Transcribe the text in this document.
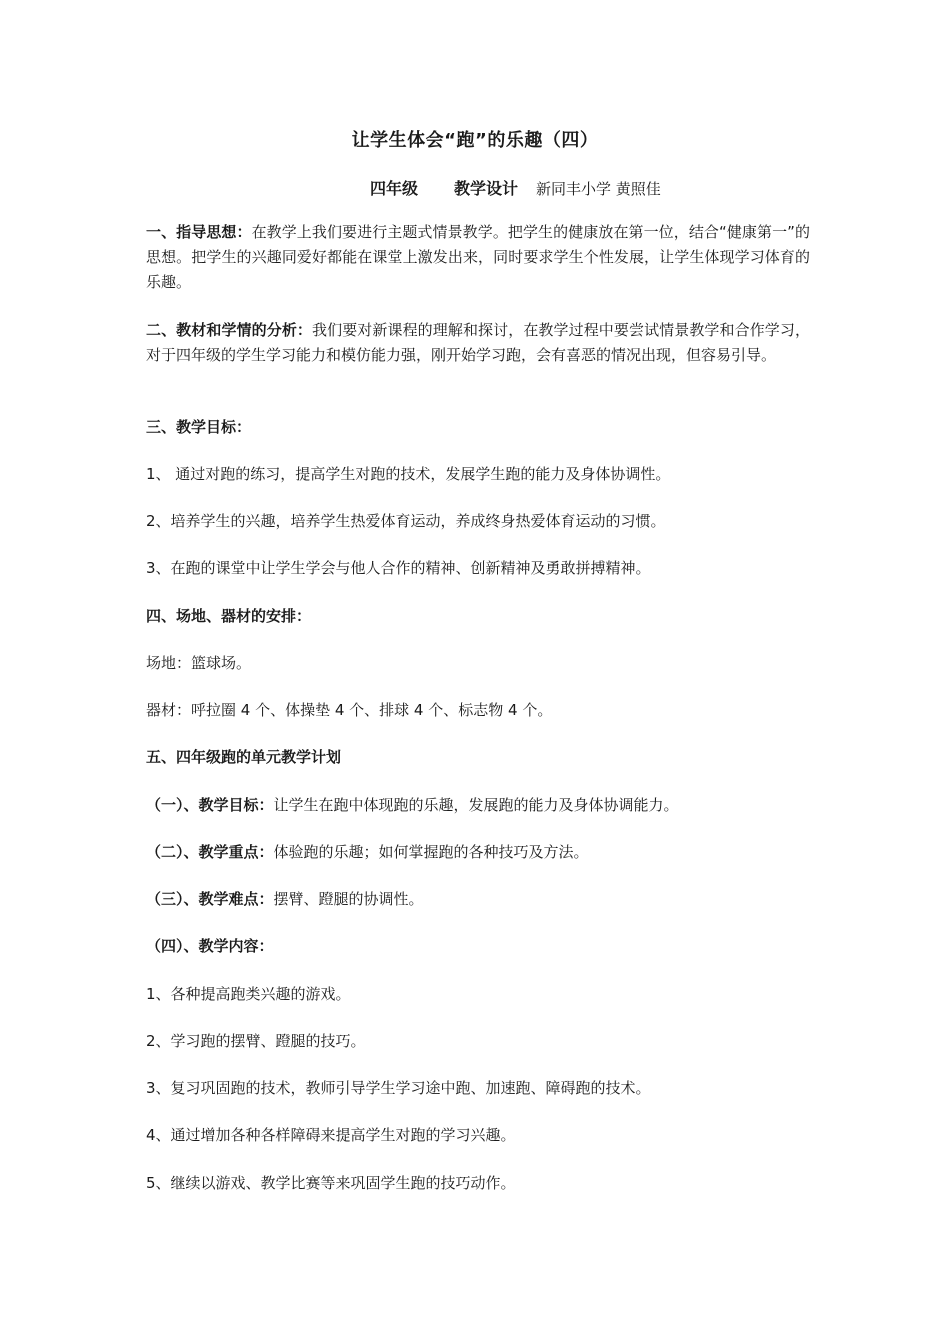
让学生体会“跑”的乐趣（四）
四年级 教学设计 新同丰小学 黄照佳

一、指导思想：在教学上我们要进行主题式情景教学。把学生的健康放在第一位，结合“健康第一”的思想。把学生的兴趣同爱好都能在课堂上激发出来，同时要求学生个性发展，让学生体现学习体育的乐趣。

二、教材和学情的分析：我们要对新课程的理解和探讨，在教学过程中要尝试情景教学和合作学习，对于四年级的学生学习能力和模仿能力强，刚开始学习跑，会有喜恶的情况出现，但容易引导。

三、教学目标：

1、 通过对跑的练习，提高学生对跑的技术，发展学生跑的能力及身体协调性。

2、培养学生的兴趣，培养学生热爱体育运动，养成终身热爱体育运动的习惯。

3、在跑的课堂中让学生学会与他人合作的精神、创新精神及勇敢拼搏精神。

四、场地、器材的安排：

场地：篮球场。

器材：呼拉圈 4 个、体操垫 4 个、排球 4 个、标志物 4 个。

五、四年级跑的单元教学计划

（一）、教学目标：让学生在跑中体现跑的乐趣，发展跑的能力及身体协调能力。

（二）、教学重点：体验跑的乐趣；如何掌握跑的各种技巧及方法。

（三）、教学难点：摆臂、蹬腿的协调性。

（四）、教学内容：

1、各种提高跑类兴趣的游戏。

2、学习跑的摆臂、蹬腿的技巧。

3、复习巩固跑的技术，教师引导学生学习途中跑、加速跑、障碍跑的技术。

4、通过增加各种各样障碍来提高学生对跑的学习兴趣。

5、继续以游戏、教学比赛等来巩固学生跑的技巧动作。
